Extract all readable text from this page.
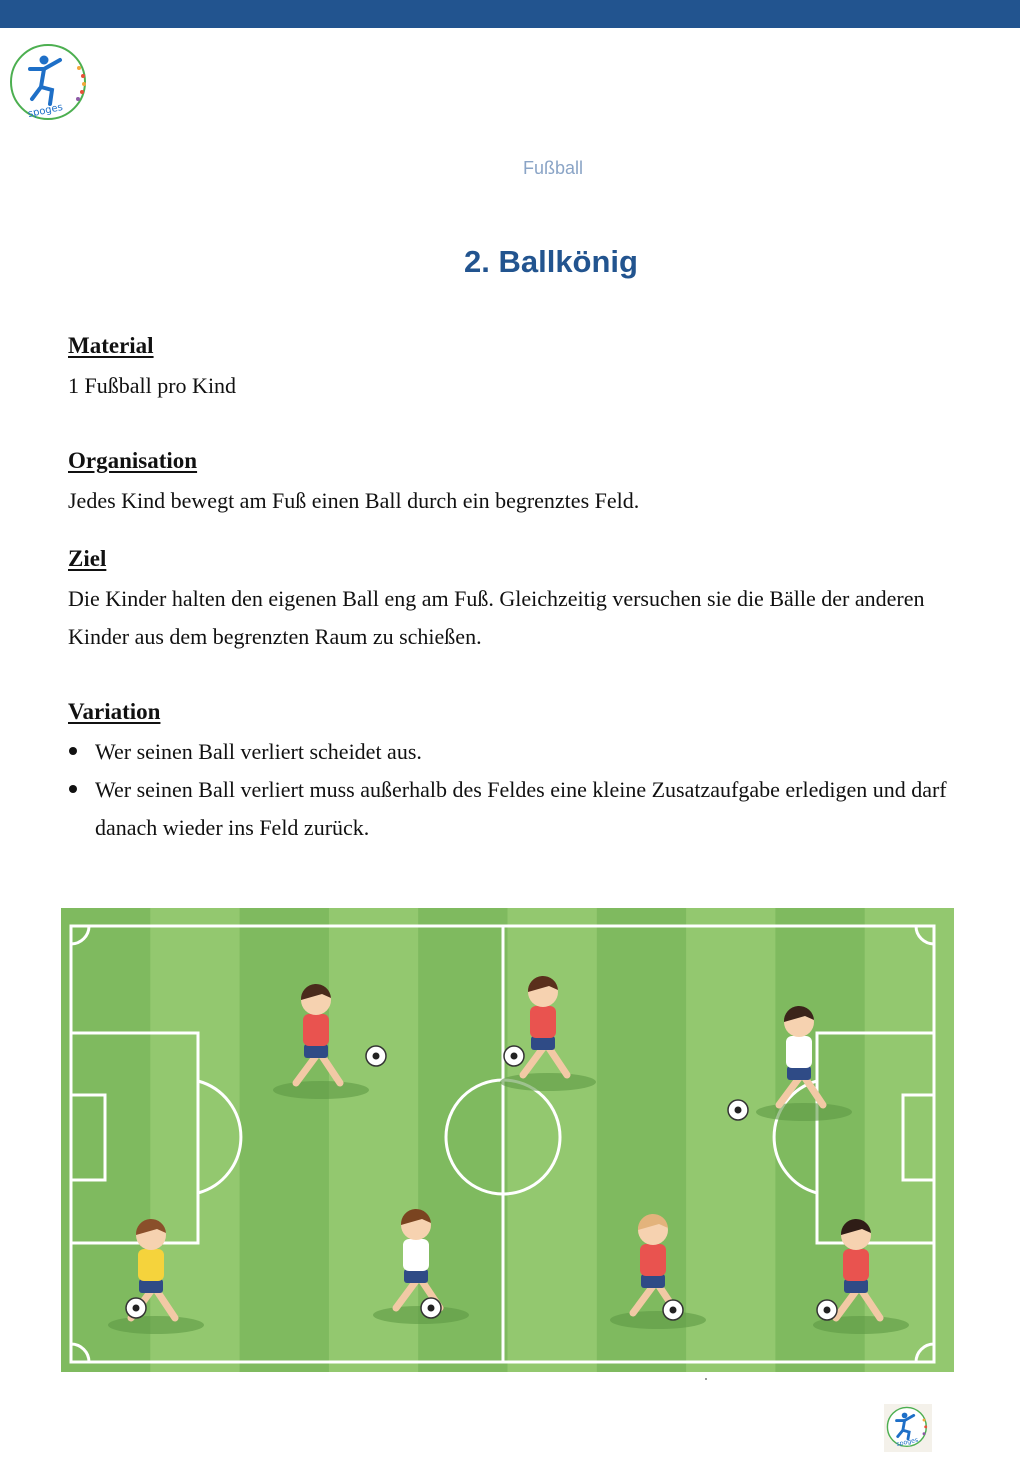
spoges
Fußball
2. Ballkönig
Material
1 Fußball pro Kind
Organisation
Jedes Kind bewegt am Fuß einen Ball durch ein begrenztes Feld.
Ziel
Die Kinder halten den eigenen Ball eng am Fuß. Gleichzeitig versuchen sie die Bälle der anderen Kinder aus dem begrenzten Raum zu schießen.
Variation
Wer seinen Ball verliert scheidet aus.
Wer seinen Ball verliert muss außerhalb des Feldes eine kleine Zusatzaufgabe erledigen und darf danach wieder ins Feld zurück.
spoges
